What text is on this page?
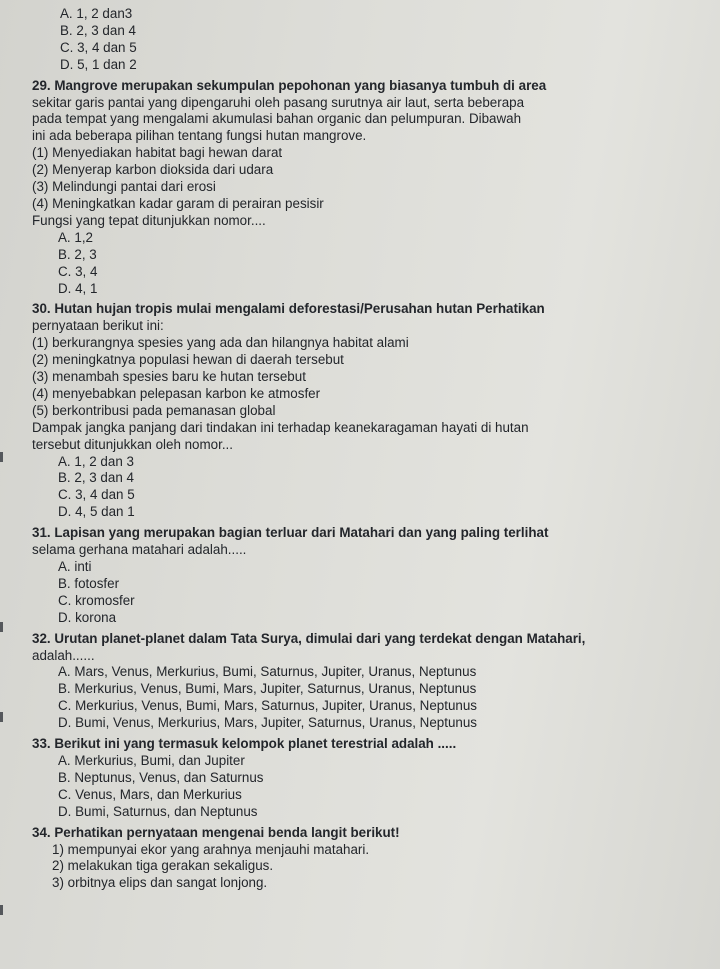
A. 1, 2 dan3
B. 2, 3 dan 4
C. 3, 4 dan 5
D. 5, 1 dan 2
29. Mangrove merupakan sekumpulan pepohonan yang biasanya tumbuh di area
sekitar garis pantai yang dipengaruhi oleh pasang surutnya air laut, serta beberapa
pada tempat yang mengalami akumulasi bahan organic dan pelumpuran. Dibawah
ini ada beberapa pilihan tentang fungsi hutan mangrove.
(1) Menyediakan habitat bagi hewan darat
(2) Menyerap karbon dioksida dari udara
(3) Melindungi pantai dari erosi
(4) Meningkatkan kadar garam di perairan pesisir
Fungsi yang tepat ditunjukkan nomor....
A. 1,2
B. 2, 3
C. 3, 4
D. 4, 1
30. Hutan hujan tropis mulai mengalami deforestasi/Perusahan hutan Perhatikan
pernyataan berikut ini:
(1) berkurangnya spesies yang ada dan hilangnya habitat alami
(2) meningkatnya populasi hewan di daerah tersebut
(3) menambah spesies baru ke hutan tersebut
(4) menyebabkan pelepasan karbon ke atmosfer
(5) berkontribusi pada pemanasan global
Dampak jangka panjang dari tindakan ini terhadap keanekaragaman hayati di hutan
tersebut ditunjukkan oleh nomor...
A. 1, 2 dan 3
B. 2, 3 dan 4
C. 3, 4 dan 5
D. 4, 5 dan 1
31. Lapisan yang merupakan bagian terluar dari Matahari dan yang paling terlihat
selama gerhana matahari adalah.....
A. inti
B. fotosfer
C. kromosfer
D. korona
32. Urutan planet-planet dalam Tata Surya, dimulai dari yang terdekat dengan Matahari,
adalah......
A. Mars, Venus, Merkurius, Bumi, Saturnus, Jupiter, Uranus, Neptunus
B. Merkurius, Venus, Bumi, Mars, Jupiter, Saturnus, Uranus, Neptunus
C. Merkurius, Venus, Bumi, Mars, Saturnus, Jupiter, Uranus, Neptunus
D. Bumi, Venus, Merkurius, Mars, Jupiter, Saturnus, Uranus, Neptunus
33. Berikut ini yang termasuk kelompok planet terestrial adalah .....
A. Merkurius, Bumi, dan Jupiter
B. Neptunus, Venus, dan Saturnus
C. Venus, Mars, dan Merkurius
D. Bumi, Saturnus, dan Neptunus
34. Perhatikan pernyataan mengenai benda langit berikut!
1) mempunyai ekor yang arahnya menjauhi matahari.
2) melakukan tiga gerakan sekaligus.
3) orbitnya elips dan sangat lonjong.
